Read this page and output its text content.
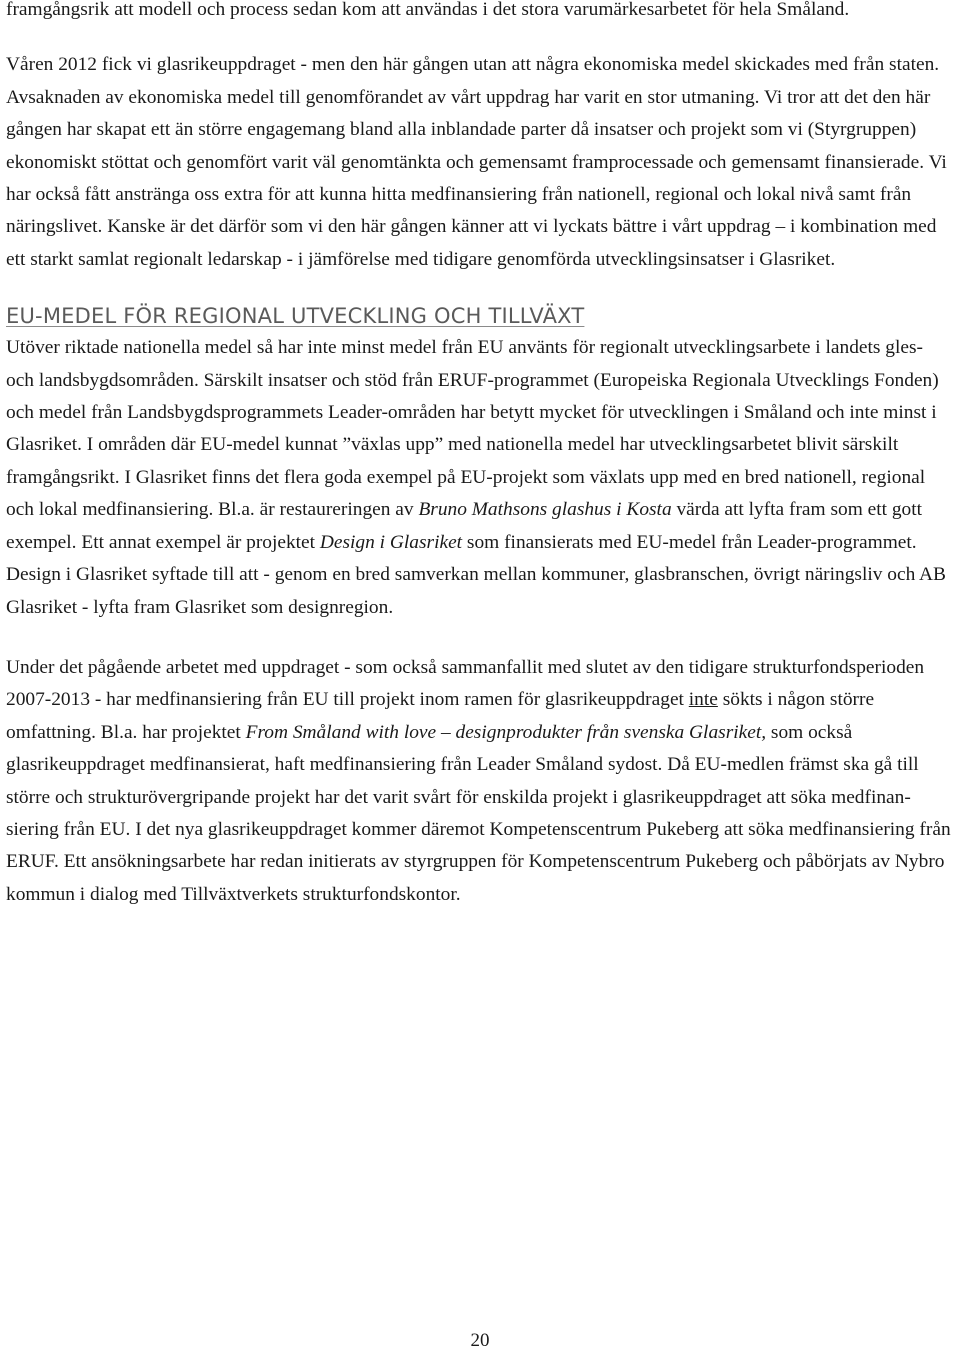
framgångsrik att modell och process sedan kom att användas i det stora varumärkesarbetet för hela Småland.

Våren 2012 fick vi glasrikeuppdraget - men den här gången utan att några ekonomiska medel skickades med från staten. Avsaknaden av ekonomiska medel till genomförandet av vårt uppdrag har varit en stor utmaning. Vi tror att det den här gången har skapat ett än större engagemang bland alla inblandade parter då insatser och projekt som vi (Styrgruppen) ekonomiskt stöttat och genomfört varit väl genomtänkta och gemensamt framprocessade och gemensamt finansierade. Vi har också fått anstränga oss extra för att kunna hitta medfinansiering från nationell, regional och lokal nivå samt från näringslivet. Kanske är det därför som vi den här gången känner att vi lyckats bättre i vårt uppdrag – i kombination med ett starkt samlat regionalt ledarskap - i jämförelse med tidigare genomförda utvecklingsinsatser i Glasriket.

EU-MEDEL FÖR REGIONAL UTVECKLING OCH TILLVÄXT

Utöver riktade nationella medel så har inte minst medel från EU använts för regionalt utvecklingsarbete i landets gles- och landsbygdsområden. Särskilt insatser och stöd från ERUF-programmet (Europeiska Regionala Utvecklings Fonden) och medel från Landsbygdsprogrammets Leader-områden har betytt mycket för utvecklingen i Småland och inte minst i Glasriket. I områden där EU-medel kunnat ”växlas upp” med nationella medel har utvecklingsarbetet blivit särskilt framgångsrikt. I Glasriket finns det flera goda exempel på EU-projekt som växlats upp med en bred nationell, regional och lokal medfinansiering. Bl.a. är restaureringen av Bruno Mathsons glashus i Kosta värda att lyfta fram som ett gott exempel. Ett annat exempel är projektet Design i Glasriket som finansierats med EU-medel från Leader-programmet. Design i Glasriket syftade till att - genom en bred samverkan mellan kommuner, glasbranschen, övrigt näringsliv och AB Glasriket - lyfta fram Glasriket som designregion.

Under det pågående arbetet med uppdraget - som också sammanfallit med slutet av den tidigare strukturfondsperioden 2007-2013 - har medfinansiering från EU till projekt inom ramen för glasrikeuppdraget inte sökts i någon större omfattning. Bl.a. har projektet From Småland with love – designprodukter från svenska Glasriket, som också glasrikeuppdraget medfinansierat, haft medfinansiering från Leader Småland sydost. Då EU-medlen främst ska gå till större och strukturövergripande projekt har det varit svårt för enskilda projekt i glasrikeuppdraget att söka medfinansiering från EU. I det nya glasrikeuppdraget kommer däremot Kompetenscentrum Pukeberg att söka medfinansiering från ERUF. Ett ansökningsarbete har redan initierats av styrgruppen för Kompetenscentrum Pukeberg och påbörjats av Nybro kommun i dialog med Tillväxtverkets strukturfondskontor.

20
